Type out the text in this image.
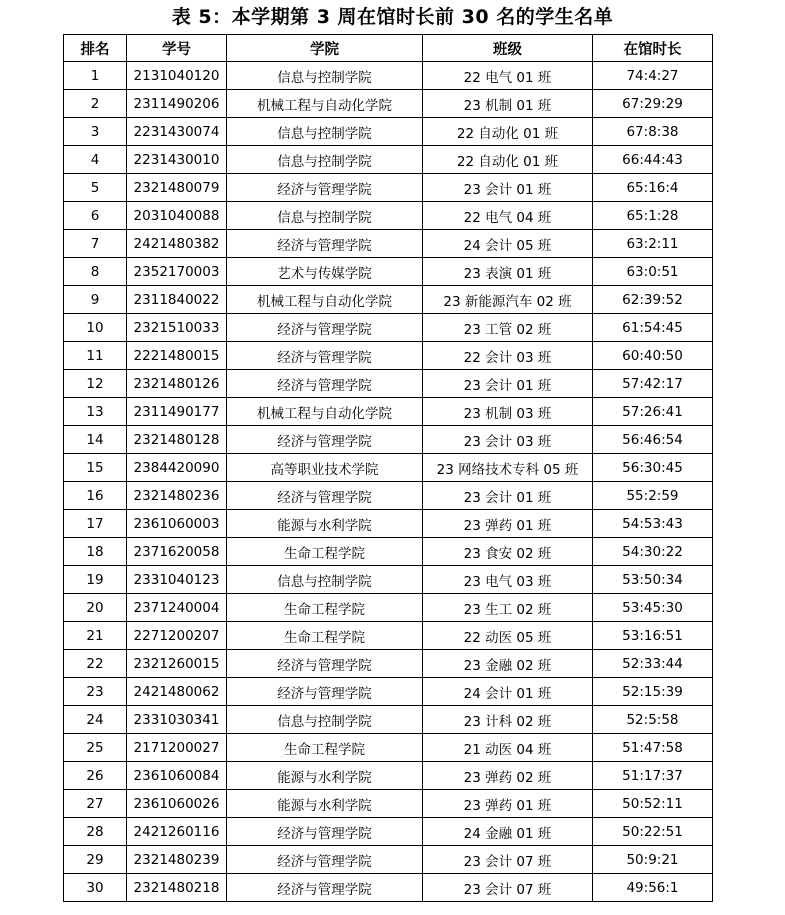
表 5：本学期第 3 周在馆时长前 30 名的学生名单
排名	学号	学院	班级	在馆时长
1	2131040120	信息与控制学院	22 电气 01 班	74:4:27
2	2311490206	机械工程与自动化学院	23 机制 01 班	67:29:29
3	2231430074	信息与控制学院	22 自动化 01 班	67:8:38
4	2231430010	信息与控制学院	22 自动化 01 班	66:44:43
5	2321480079	经济与管理学院	23 会计 01 班	65:16:4
6	2031040088	信息与控制学院	22 电气 04 班	65:1:28
7	2421480382	经济与管理学院	24 会计 05 班	63:2:11
8	2352170003	艺术与传媒学院	23 表演 01 班	63:0:51
9	2311840022	机械工程与自动化学院	23 新能源汽车 02 班	62:39:52
10	2321510033	经济与管理学院	23 工管 02 班	61:54:45
11	2221480015	经济与管理学院	22 会计 03 班	60:40:50
12	2321480126	经济与管理学院	23 会计 01 班	57:42:17
13	2311490177	机械工程与自动化学院	23 机制 03 班	57:26:41
14	2321480128	经济与管理学院	23 会计 03 班	56:46:54
15	2384420090	高等职业技术学院	23 网络技术专科 05 班	56:30:45
16	2321480236	经济与管理学院	23 会计 01 班	55:2:59
17	2361060003	能源与水利学院	23 弹药 01 班	54:53:43
18	2371620058	生命工程学院	23 食安 02 班	54:30:22
19	2331040123	信息与控制学院	23 电气 03 班	53:50:34
20	2371240004	生命工程学院	23 生工 02 班	53:45:30
21	2271200207	生命工程学院	22 动医 05 班	53:16:51
22	2321260015	经济与管理学院	23 金融 02 班	52:33:44
23	2421480062	经济与管理学院	24 会计 01 班	52:15:39
24	2331030341	信息与控制学院	23 计科 02 班	52:5:58
25	2171200027	生命工程学院	21 动医 04 班	51:47:58
26	2361060084	能源与水利学院	23 弹药 02 班	51:17:37
27	2361060026	能源与水利学院	23 弹药 01 班	50:52:11
28	2421260116	经济与管理学院	24 金融 01 班	50:22:51
29	2321480239	经济与管理学院	23 会计 07 班	50:9:21
30	2321480218	经济与管理学院	23 会计 07 班	49:56:1
